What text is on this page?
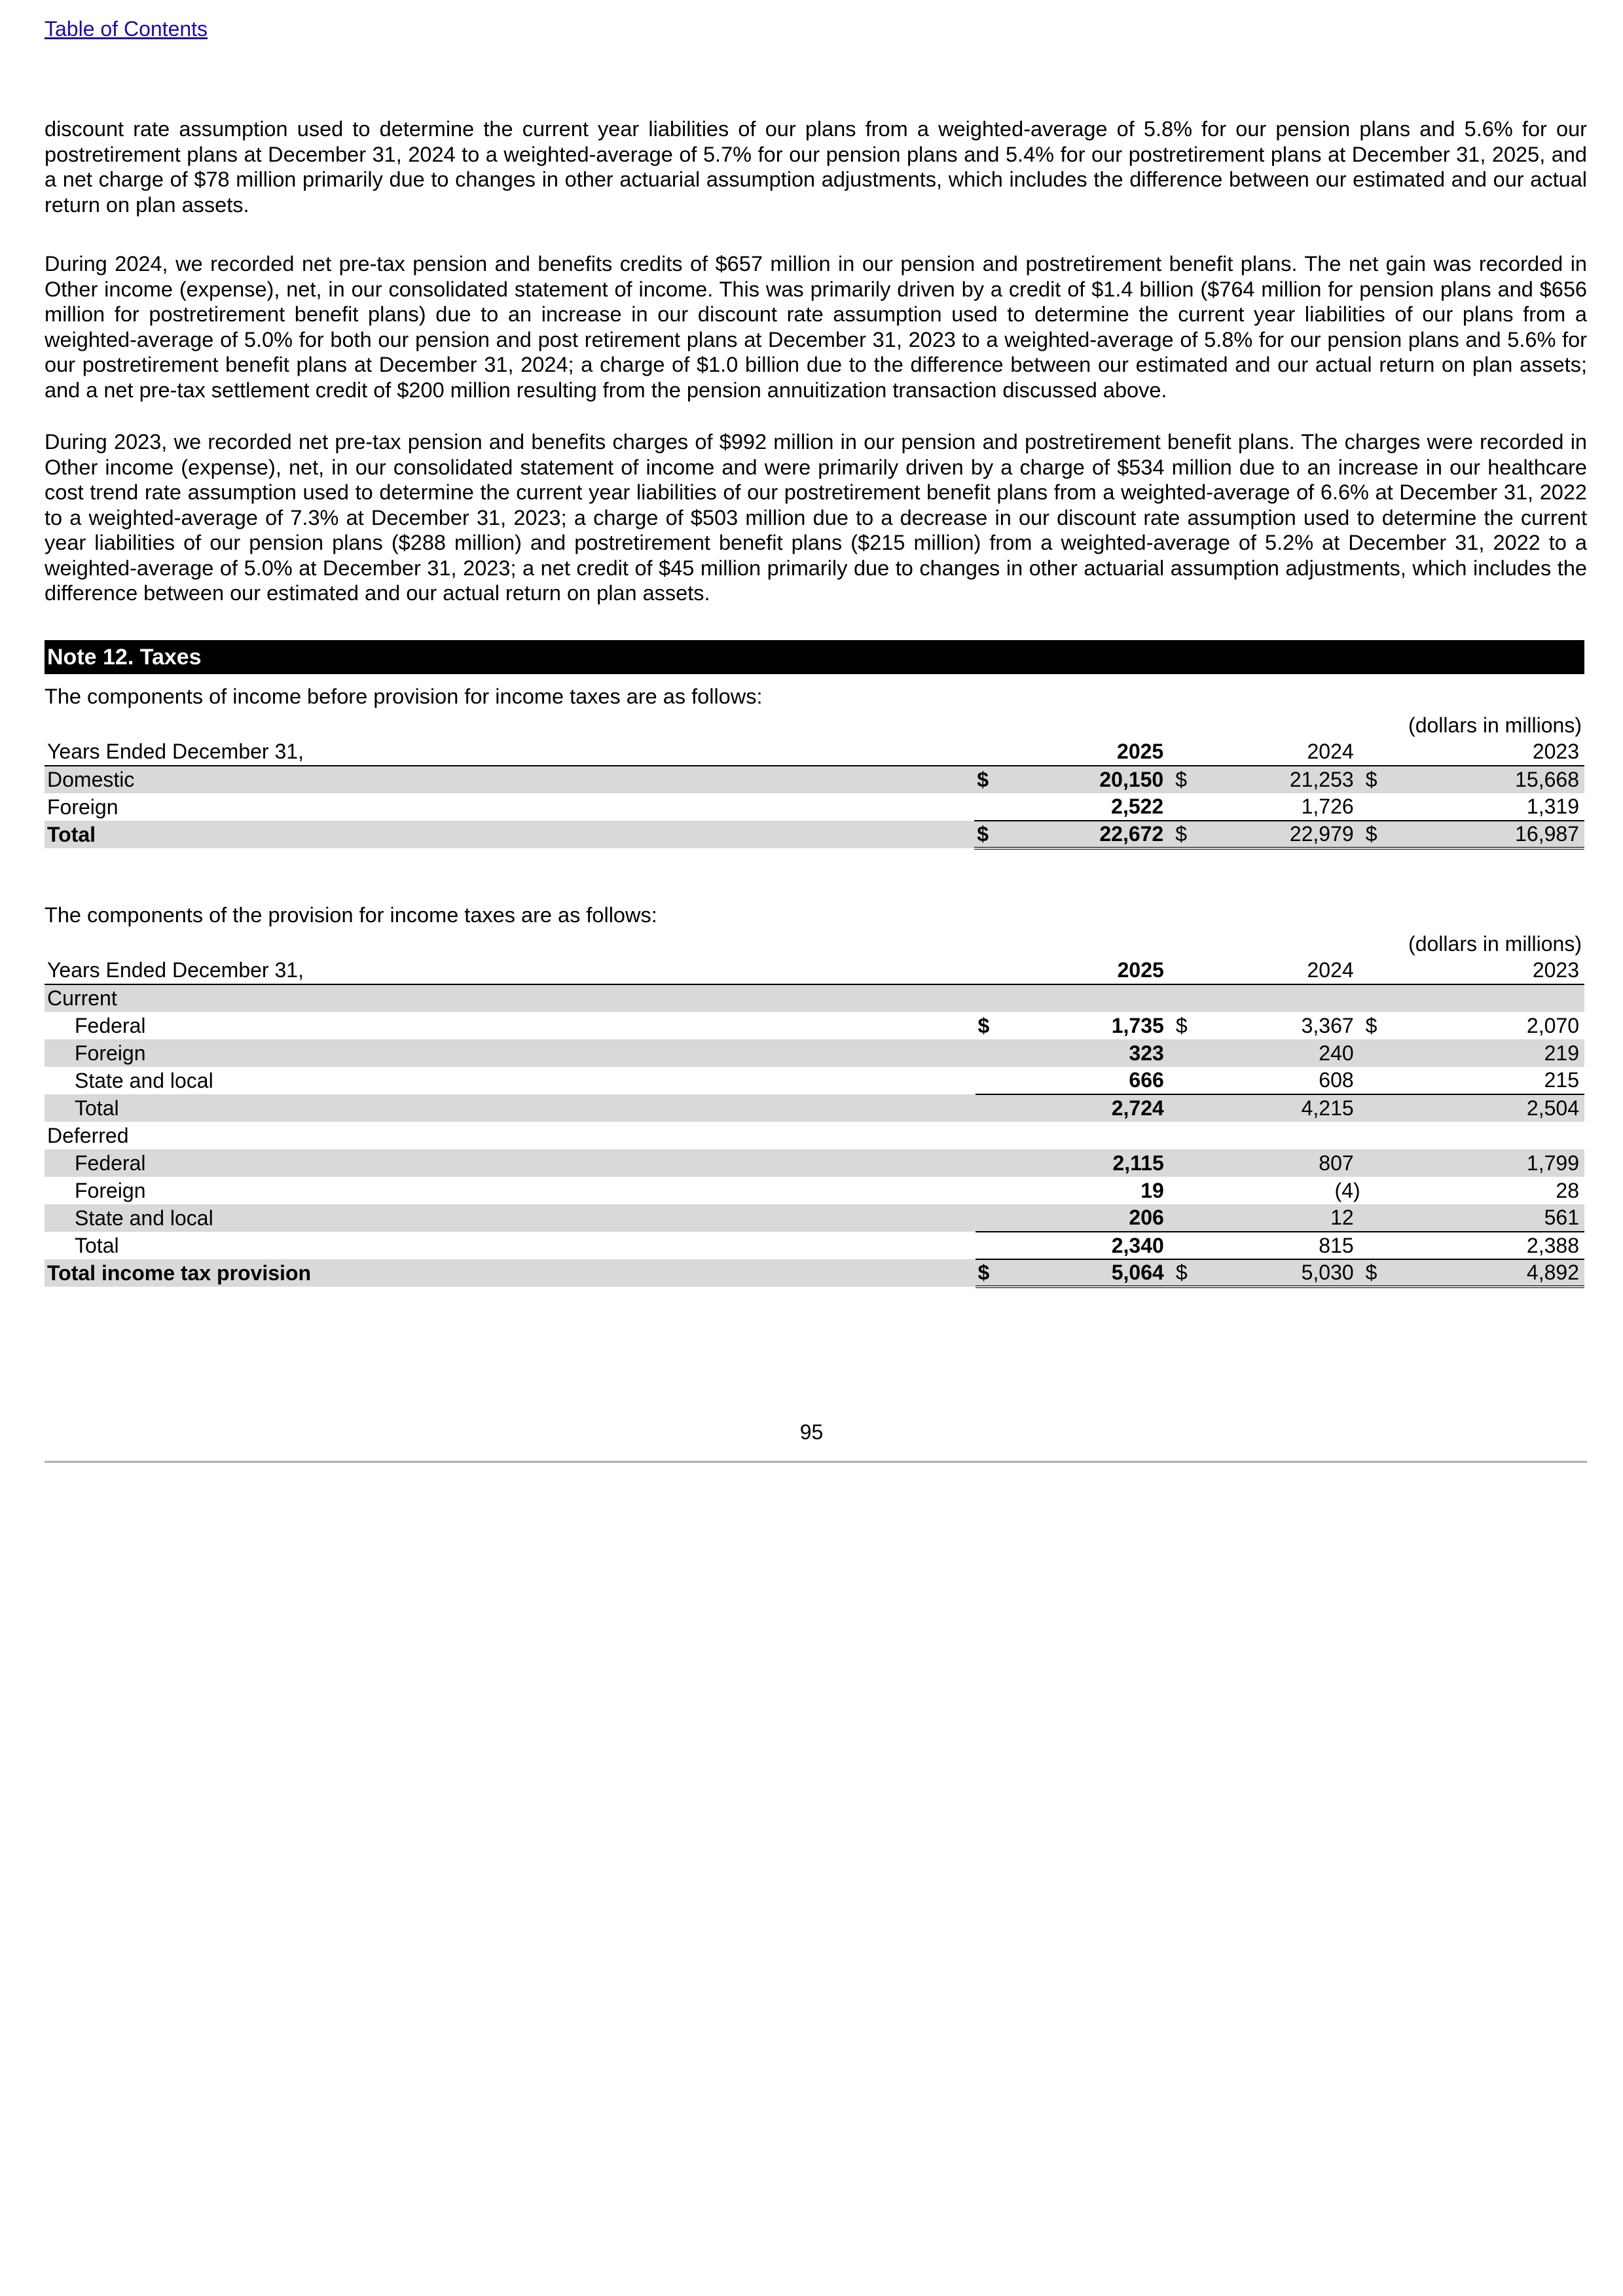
Table of Contents

discount rate assumption used to determine the current year liabilities of our plans from a weighted-average of 5.8% for our pension plans and 5.6% for our postretirement plans at December 31, 2024 to a weighted-average of 5.7% for our pension plans and 5.4% for our postretirement plans at December 31, 2025, and a net charge of $78 million primarily due to changes in other actuarial assumption adjustments, which includes the difference between our estimated and our actual return on plan assets.

During 2024, we recorded net pre-tax pension and benefits credits of $657 million in our pension and postretirement benefit plans. The net gain was recorded in Other income (expense), net, in our consolidated statement of income. This was primarily driven by a credit of $1.4 billion ($764 million for pension plans and $656 million for postretirement benefit plans) due to an increase in our discount rate assumption used to determine the current year liabilities of our plans from a weighted-average of 5.0% for both our pension and post retirement plans at December 31, 2023 to a weighted-average of 5.8% for our pension plans and 5.6% for our postretirement benefit plans at December 31, 2024; a charge of $1.0 billion due to the difference between our estimated and our actual return on plan assets; and a net pre-tax settlement credit of $200 million resulting from the pension annuitization transaction discussed above.

During 2023, we recorded net pre-tax pension and benefits charges of $992 million in our pension and postretirement benefit plans. The charges were recorded in Other income (expense), net, in our consolidated statement of income and were primarily driven by a charge of $534 million due to an increase in our healthcare cost trend rate assumption used to determine the current year liabilities of our postretirement benefit plans from a weighted-average of 6.6% at December 31, 2022 to a weighted-average of 7.3% at December 31, 2023; a charge of $503 million due to a decrease in our discount rate assumption used to determine the current year liabilities of our pension plans ($288 million) and postretirement benefit plans ($215 million) from a weighted-average of 5.2% at December 31, 2022 to a weighted-average of 5.0% at December 31, 2023; a net credit of $45 million primarily due to changes in other actuarial assumption adjustments, which includes the difference between our estimated and our actual return on plan assets.

Note 12. Taxes
The components of income before provision for income taxes are as follows:
						(dollars in millions)
Years Ended December 31,		2025		2024		2023
Domestic	$	20,150	$	21,253	$	15,668
Foreign		2,522		1,726		1,319
Total	$	22,672	$	22,979	$	16,987
The components of the provision for income taxes are as follows:
						(dollars in millions)
Years Ended December 31,		2025		2024		2023
Current						
Federal	$	1,735	$	3,367	$	2,070
Foreign		323		240		219
State and local		666		608		215
Total		2,724		4,215		2,504
Deferred						
Federal		2,115		807		1,799
Foreign		19		(4)		28
State and local		206		12		561
Total		2,340		815		2,388
Total income tax provision	$	5,064	$	5,030	$	4,892
95
